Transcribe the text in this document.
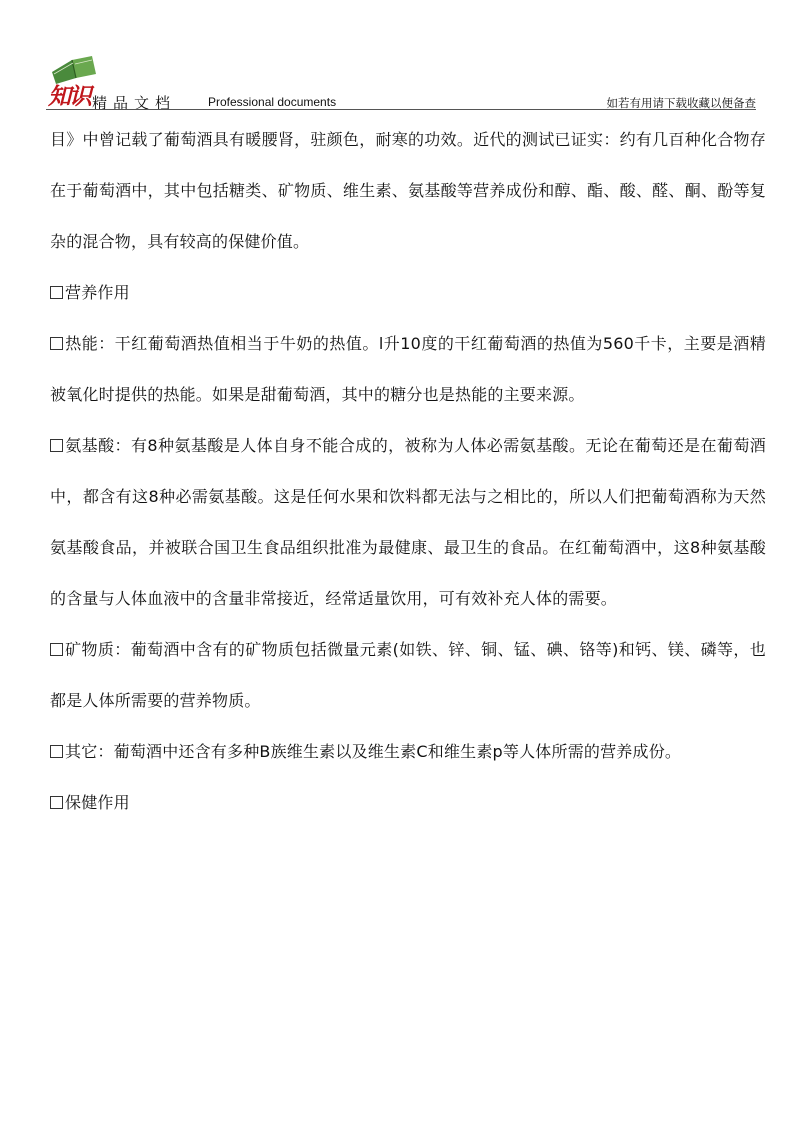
知识 精品文档	Professional documents	如若有用请下载收藏以便备查

目》中曾记载了葡萄酒具有暖腰肾，驻颜色，耐寒的功效。近代的测试已证实：约有几百种化合物存在于葡萄酒中，其中包括糖类、矿物质、维生素、氨基酸等营养成份和醇、酯、酸、醛、酮、酚等复杂的混合物，具有较高的保健价值。

营养作用

热能：干红葡萄酒热值相当于牛奶的热值。l升10度的干红葡萄酒的热值为560千卡，主要是酒精被氧化时提供的热能。如果是甜葡萄酒，其中的糖分也是热能的主要来源。

氨基酸：有8种氨基酸是人体自身不能合成的，被称为人体必需氨基酸。无论在葡萄还是在葡萄酒中，都含有这8种必需氨基酸。这是任何水果和饮料都无法与之相比的，所以人们把葡萄酒称为天然氨基酸食品，并被联合国卫生食品组织批准为最健康、最卫生的食品。在红葡萄酒中，这8种氨基酸的含量与人体血液中的含量非常接近，经常适量饮用，可有效补充人体的需要。

矿物质：葡萄酒中含有的矿物质包括微量元素(如铁、锌、铜、锰、碘、铬等)和钙、镁、磷等，也都是人体所需要的营养物质。

其它：葡萄酒中还含有多种B族维生素以及维生素C和维生素p等人体所需的营养成份。

保健作用
